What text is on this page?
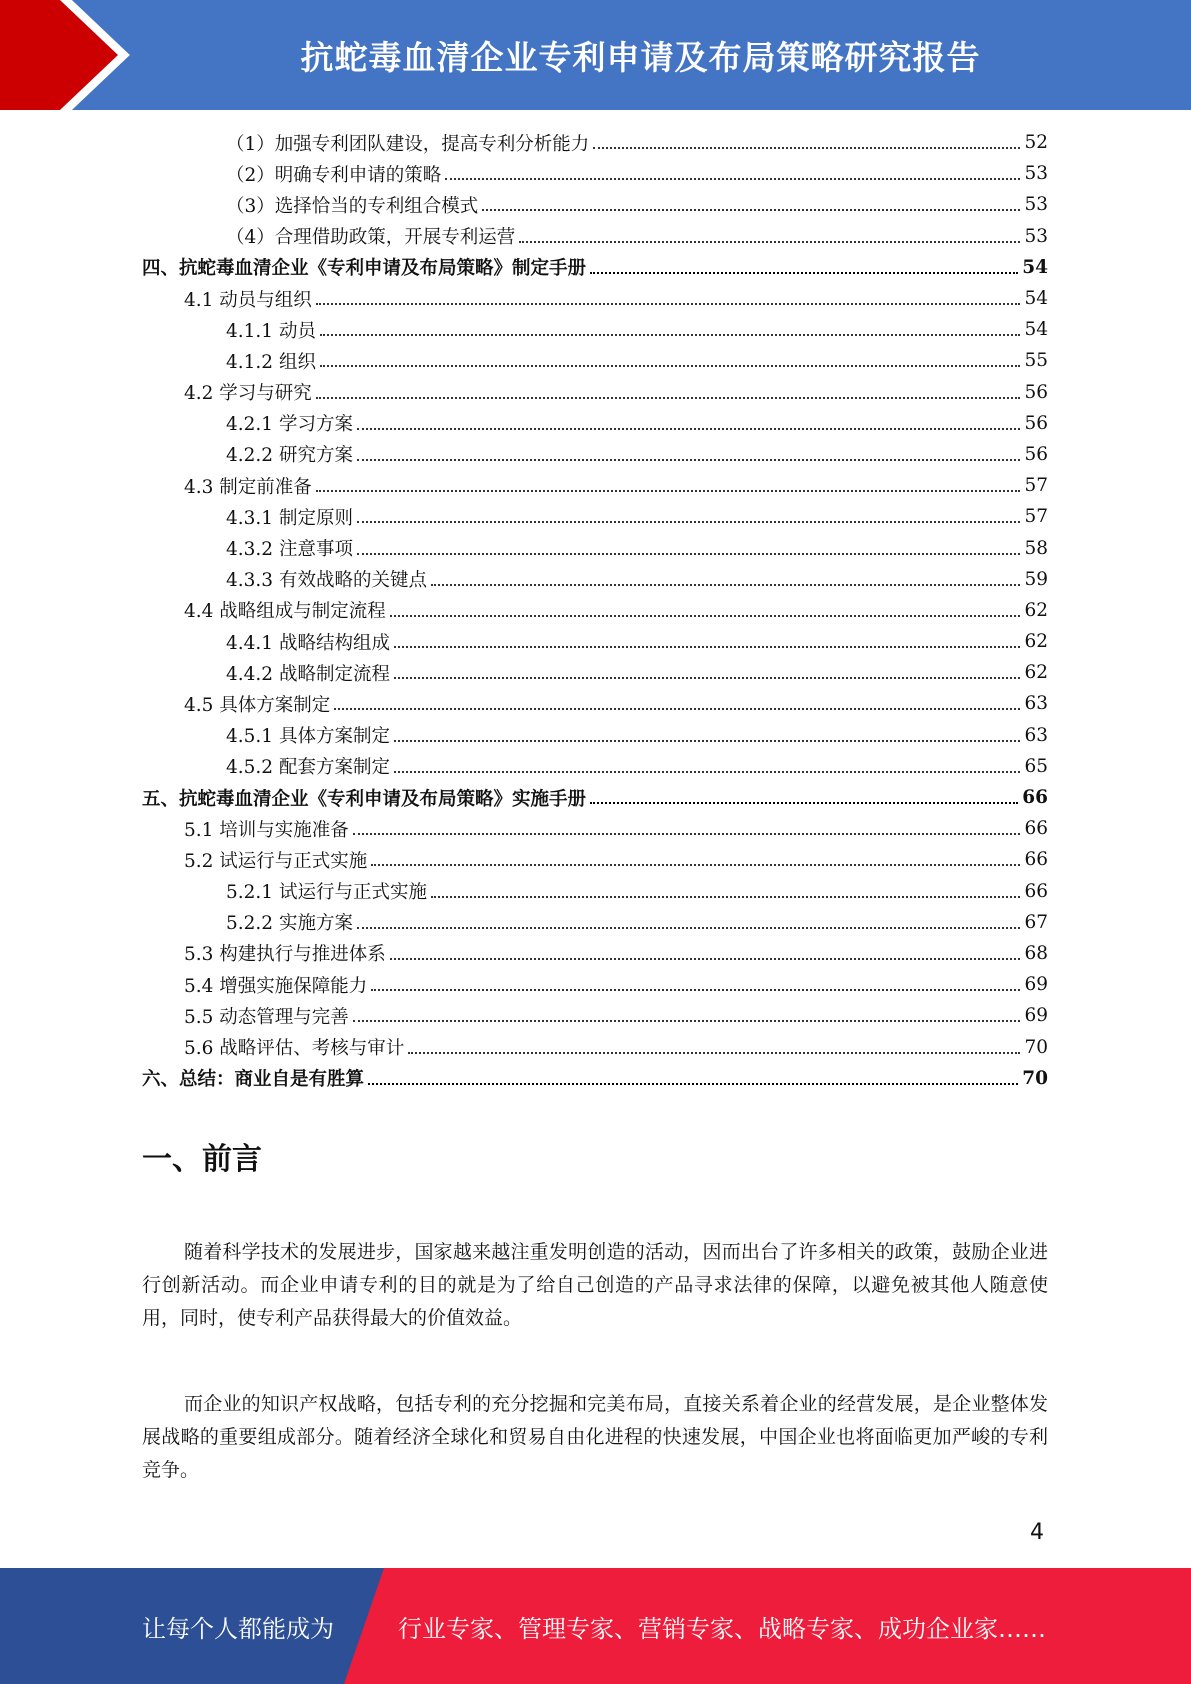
抗蛇毒血清企业专利申请及布局策略研究报告
（1）加强专利团队建设，提高专利分析能力	52
（2）明确专利申请的策略	53
（3）选择恰当的专利组合模式	53
（4）合理借助政策，开展专利运营	53
四、抗蛇毒血清企业《专利申请及布局策略》制定手册	54
4.1 动员与组织	54
4.1.1 动员	54
4.1.2 组织	55
4.2 学习与研究	56
4.2.1 学习方案	56
4.2.2 研究方案	56
4.3 制定前准备	57
4.3.1 制定原则	57
4.3.2 注意事项	58
4.3.3 有效战略的关键点	59
4.4 战略组成与制定流程	62
4.4.1 战略结构组成	62
4.4.2 战略制定流程	62
4.5 具体方案制定	63
4.5.1 具体方案制定	63
4.5.2 配套方案制定	65
五、抗蛇毒血清企业《专利申请及布局策略》实施手册	66
5.1 培训与实施准备	66
5.2 试运行与正式实施	66
5.2.1 试运行与正式实施	66
5.2.2 实施方案	67
5.3 构建执行与推进体系	68
5.4 增强实施保障能力	69
5.5 动态管理与完善	69
5.6 战略评估、考核与审计	70
六、总结：商业自是有胜算	70
一、前言
随着科学技术的发展进步，国家越来越注重发明创造的活动，因而出台了许多相关的政策，鼓励企业进行创新活动。而企业申请专利的目的就是为了给自己创造的产品寻求法律的保障，以避免被其他人随意使用，同时，使专利产品获得最大的价值效益。
而企业的知识产权战略，包括专利的充分挖掘和完美布局，直接关系着企业的经营发展，是企业整体发展战略的重要组成部分。随着经济全球化和贸易自由化进程的快速发展，中国企业也将面临更加严峻的专利竞争。
4
让每个人都能成为	行业专家、管理专家、营销专家、战略专家、成功企业家……
